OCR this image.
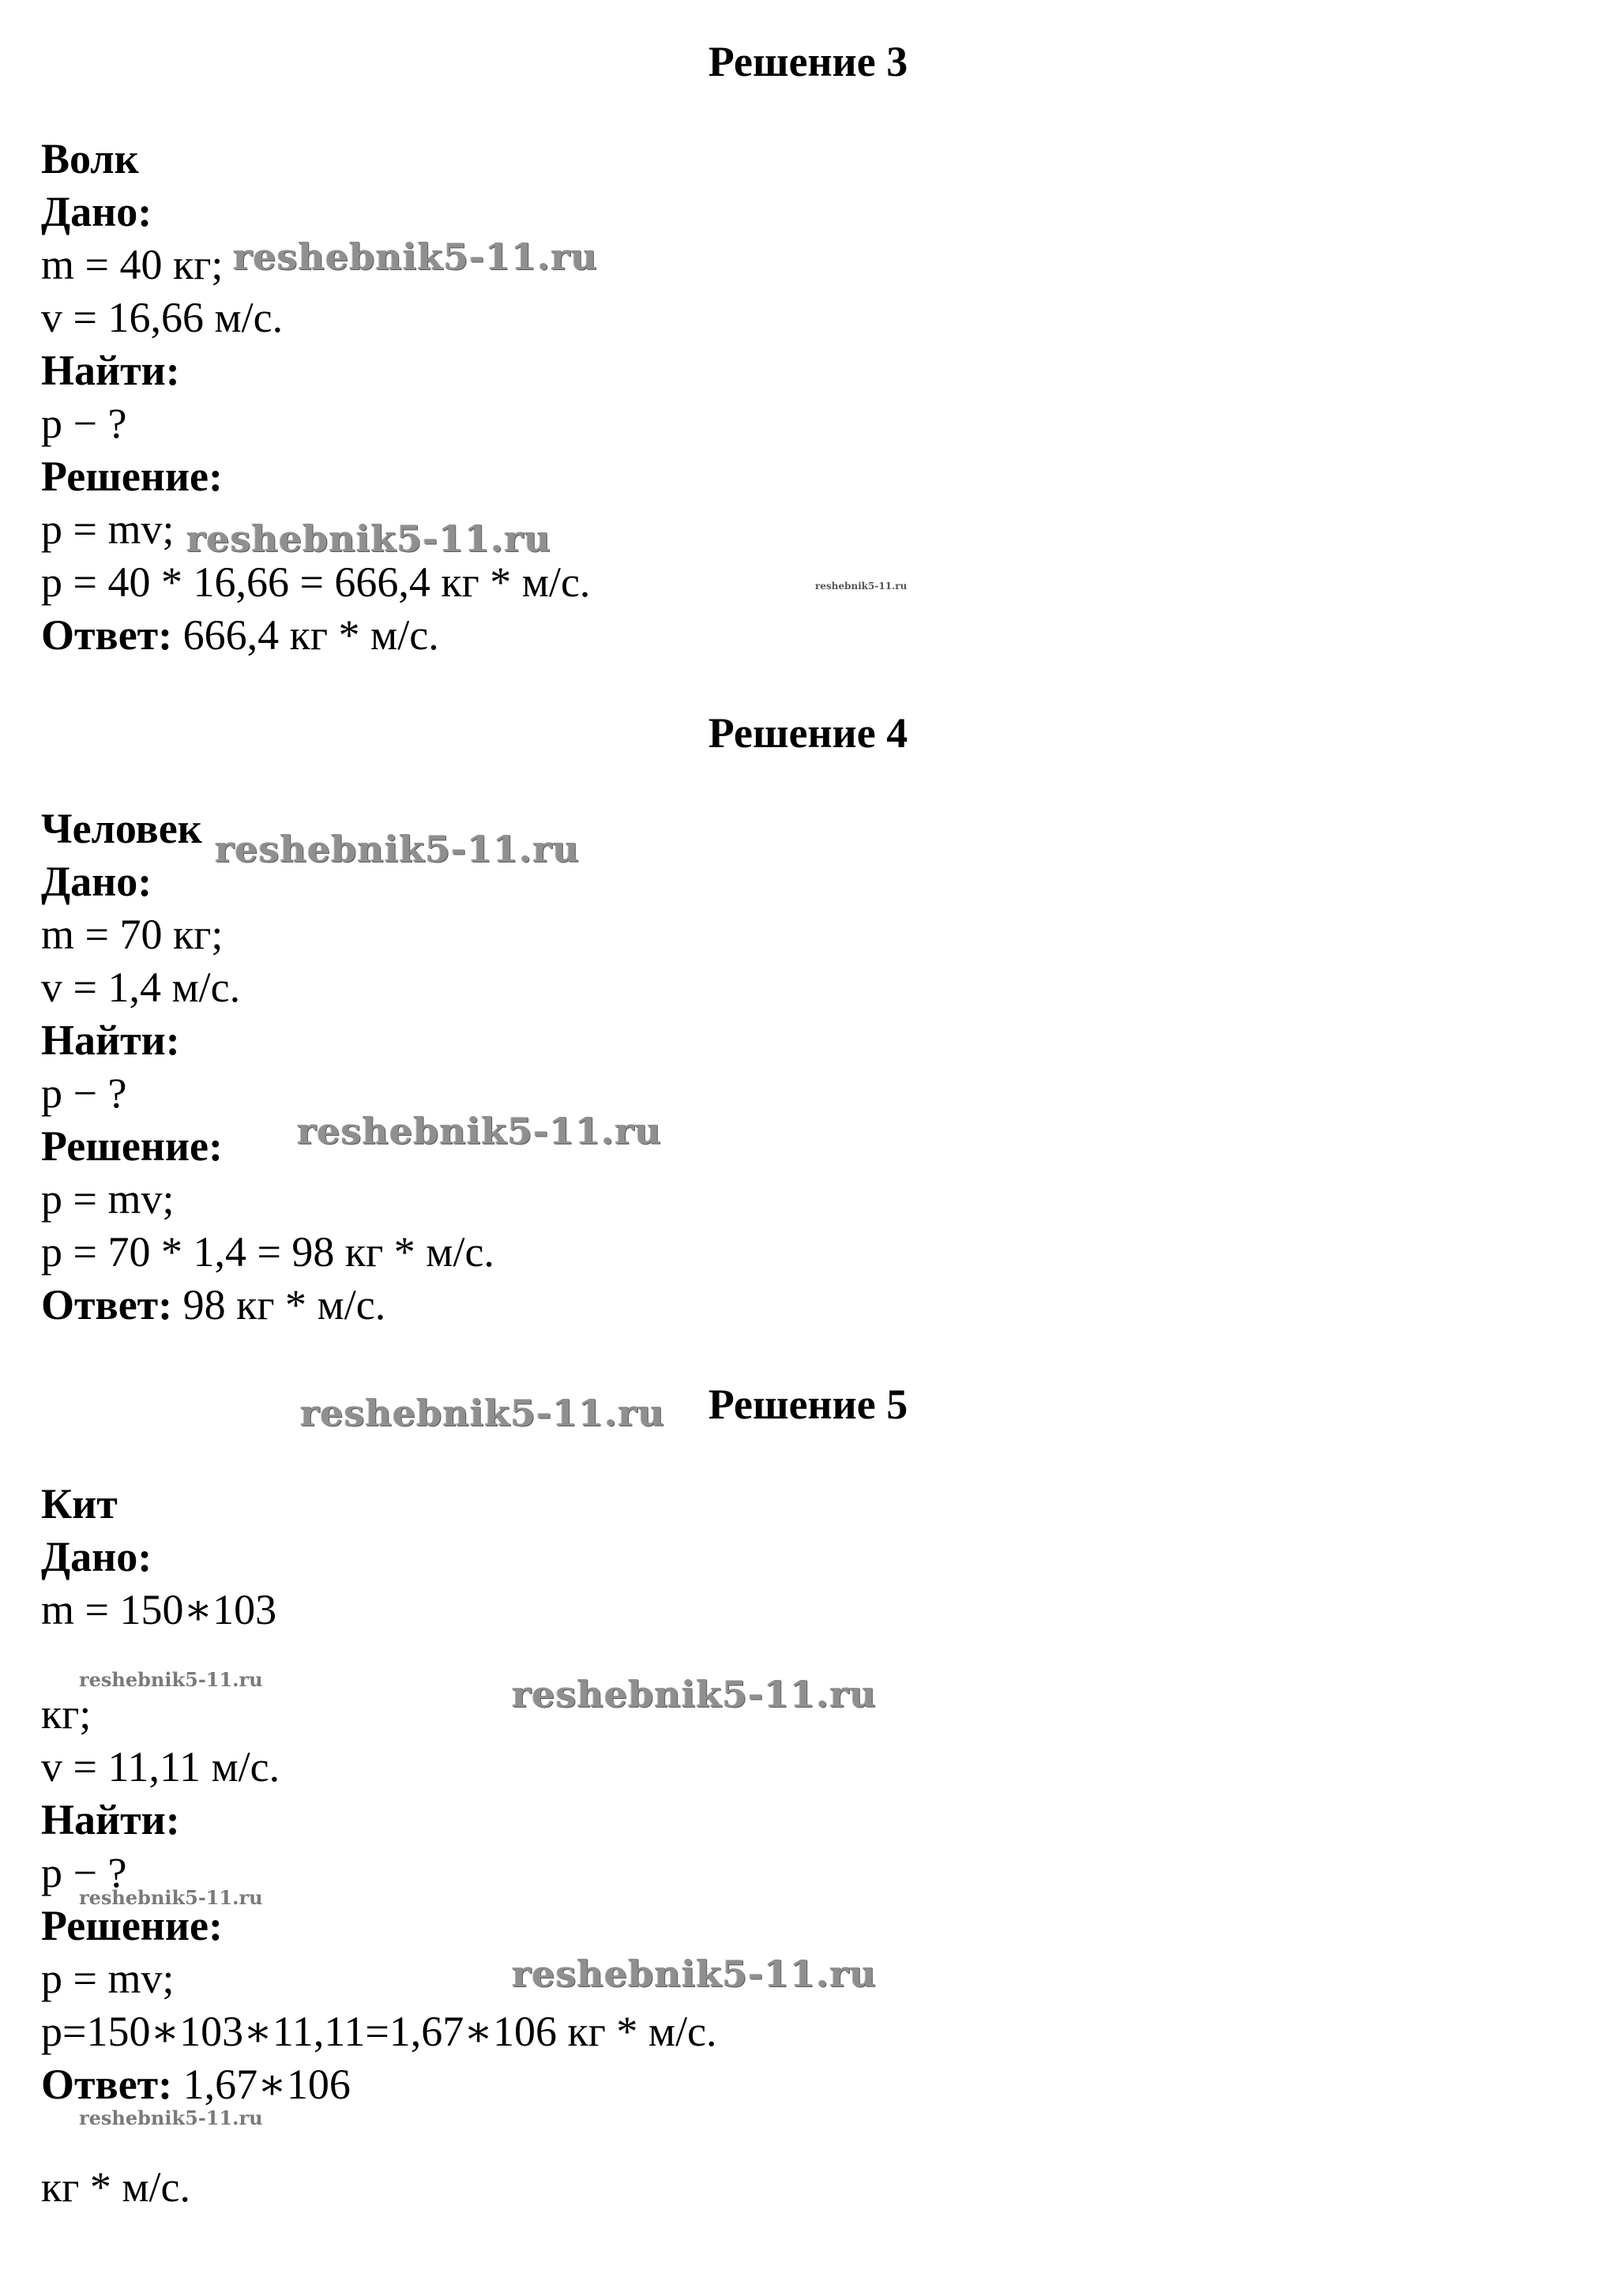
Решение 3
Волк
Дано:
m = 40 кг;
v = 16,66 м/с.
Найти:
p − ?
Решение:
p = mv;
p = 40 * 16,66 = 666,4 кг * м/с.
Ответ: 666,4 кг * м/с.
Решение 4
Человек
Дано:
m = 70 кг;
v = 1,4 м/с.
Найти:
p − ?
Решение:
p = mv;
p = 70 * 1,4 = 98 кг * м/с.
Ответ: 98 кг * м/с.
Решение 5
Кит
Дано:
m = 150∗103
кг;
v = 11,11 м/с.
Найти:
p − ?
Решение:
p = mv;
p=150∗103∗11,11=1,67∗106 кг * м/с.
Ответ: 1,67∗106
кг * м/с.
reshebnik5-11.ru
reshebnik5-11.ru
reshebnik5-11.ru
reshebnik5-11.ru
reshebnik5-11.ru
reshebnik5-11.ru
reshebnik5-11.ru	reshebnik5-11.ru
reshebnik5-11.ru
reshebnik5-11.ru
reshebnik5-11.ru
